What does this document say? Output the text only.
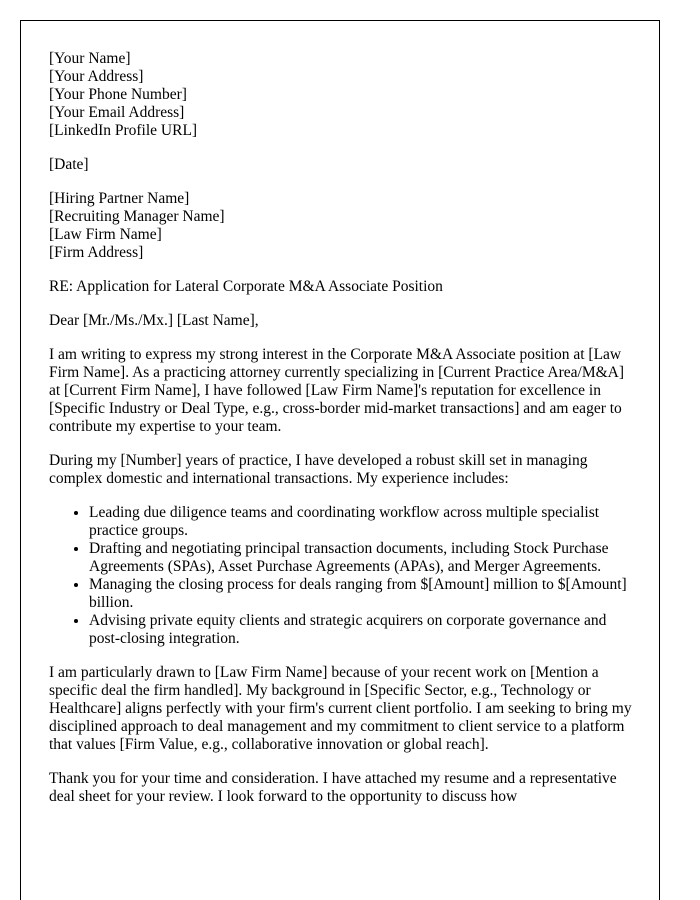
[Your Name]
[Your Address]
[Your Phone Number]
[Your Email Address]
[LinkedIn Profile URL]
[Date]
[Hiring Partner Name]
[Recruiting Manager Name]
[Law Firm Name]
[Firm Address]

RE: Application for Lateral Corporate M&A Associate Position

Dear [Mr./Ms./Mx.] [Last Name],

I am writing to express my strong interest in the Corporate M&A Associate position at [Law Firm Name]. As a practicing attorney currently specializing in [Current Practice Area/M&A] at [Current Firm Name], I have followed [Law Firm Name]'s reputation for excellence in [Specific Industry or Deal Type, e.g., cross-border mid-market transactions] and am eager to contribute my expertise to your team.

During my [Number] years of practice, I have developed a robust skill set in managing complex domestic and international transactions. My experience includes:

• Leading due diligence teams and coordinating workflow across multiple specialist practice groups.
• Drafting and negotiating principal transaction documents, including Stock Purchase Agreements (SPAs), Asset Purchase Agreements (APAs), and Merger Agreements.
• Managing the closing process for deals ranging from $[Amount] million to $[Amount] billion.
• Advising private equity clients and strategic acquirers on corporate governance and post-closing integration.

I am particularly drawn to [Law Firm Name] because of your recent work on [Mention a specific deal the firm handled]. My background in [Specific Sector, e.g., Technology or Healthcare] aligns perfectly with your firm's current client portfolio. I am seeking to bring my disciplined approach to deal management and my commitment to client service to a platform that values [Firm Value, e.g., collaborative innovation or global reach].

Thank you for your time and consideration. I have attached my resume and a representative deal sheet for your review. I look forward to the opportunity to discuss how
